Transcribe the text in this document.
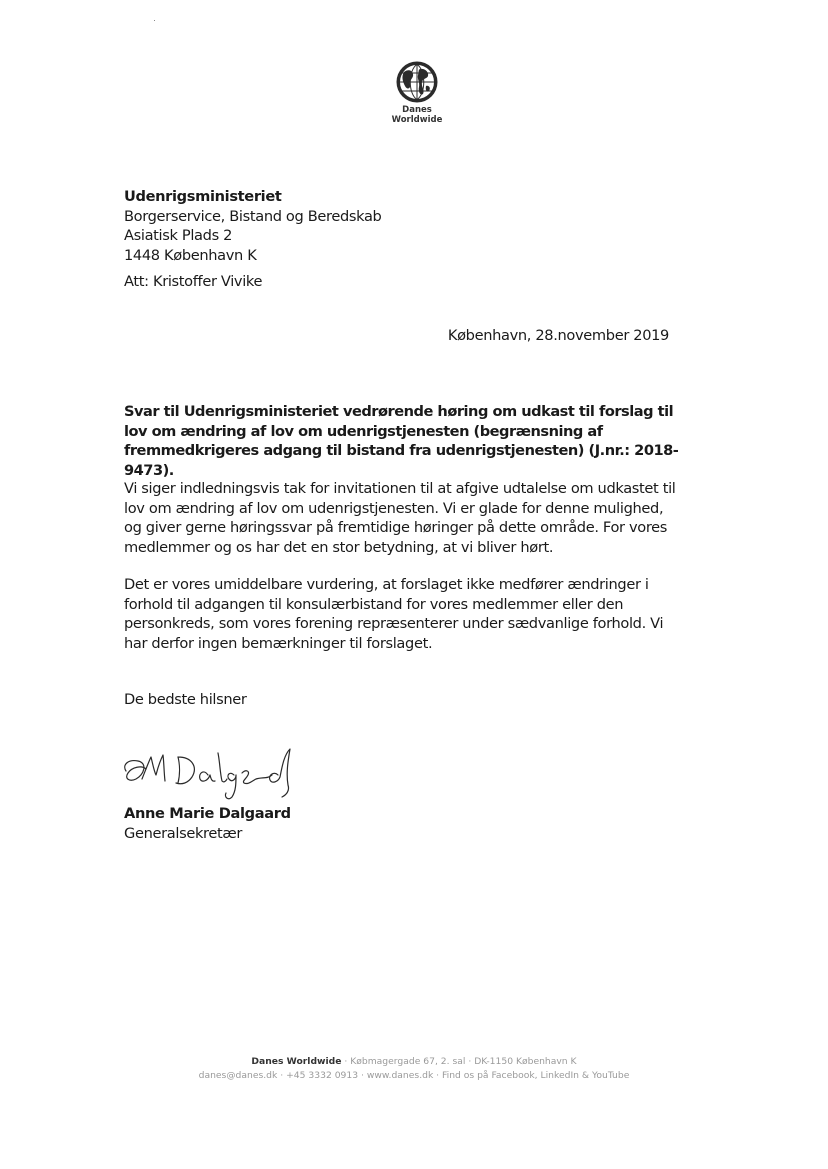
Danes Worldwide
Udenrigsministeriet
Borgerservice, Bistand og Beredskab
Asiatisk Plads 2
1448 København K
Att: Kristoffer Vivike
København, 28.november 2019
Svar til Udenrigsministeriet vedrørende høring om udkast til forslag til lov om ændring af lov om udenrigstjenesten (begrænsning af fremmedkrigeres adgang til bistand fra udenrigstjenesten) (J.nr.: 2018-9473).
Vi siger indledningsvis tak for invitationen til at afgive udtalelse om udkastet til lov om ændring af lov om udenrigstjenesten. Vi er glade for denne mulighed, og giver gerne høringssvar på fremtidige høringer på dette område. For vores medlemmer og os har det en stor betydning, at vi bliver hørt.
Det er vores umiddelbare vurdering, at forslaget ikke medfører ændringer i forhold til adgangen til konsulærbistand for vores medlemmer eller den personkreds, som vores forening repræsenterer under sædvanlige forhold. Vi har derfor ingen bemærkninger til forslaget.
De bedste hilsner
Anne Marie Dalgaard
Generalsekretær
Danes Worldwide · Købmagergade 67, 2. sal · DK-1150 København K
danes@danes.dk · +45 3332 0913 · www.danes.dk · Find os på Facebook, LinkedIn & YouTube
